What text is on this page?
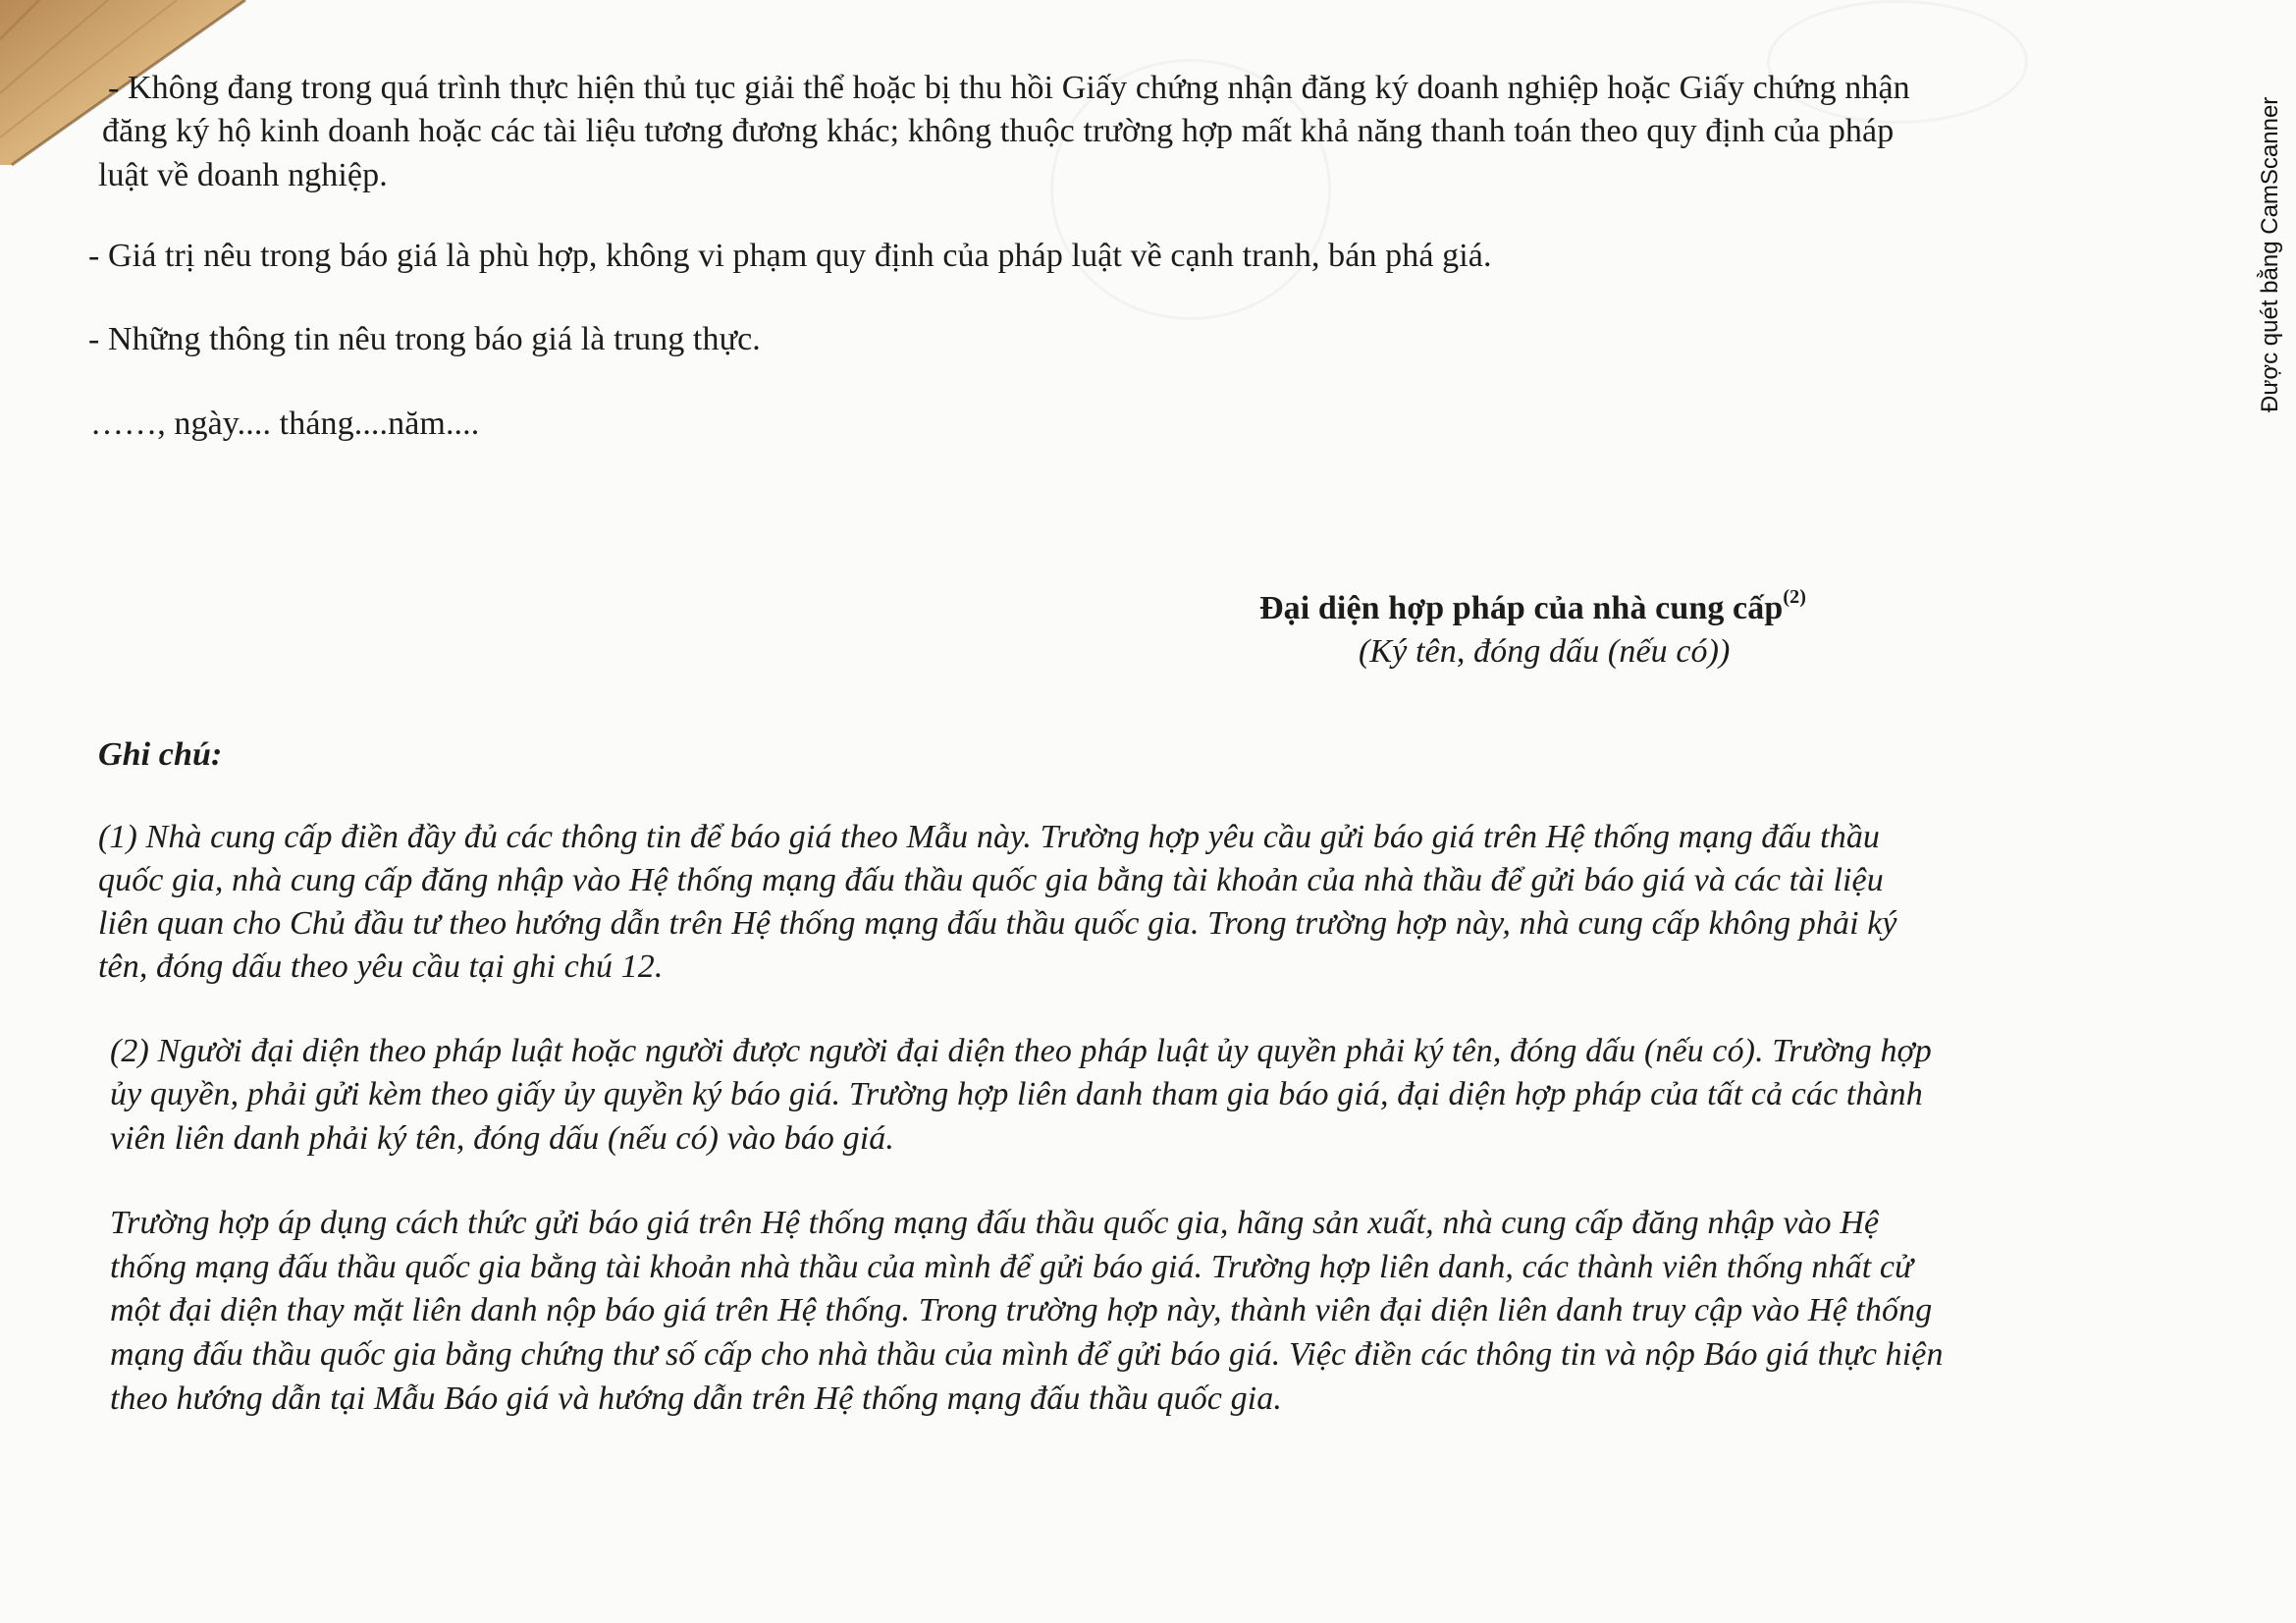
- Không đang trong quá trình thực hiện thủ tục giải thể hoặc bị thu hồi Giấy chứng nhận đăng ký doanh nghiệp hoặc Giấy chứng nhận
đăng ký hộ kinh doanh hoặc các tài liệu tương đương khác; không thuộc trường hợp mất khả năng thanh toán theo quy định của pháp
luật về doanh nghiệp.
- Giá trị nêu trong báo giá là phù hợp, không vi phạm quy định của pháp luật về cạnh tranh, bán phá giá.
- Những thông tin nêu trong báo giá là trung thực.
……, ngày.... tháng....năm....
Đại diện hợp pháp của nhà cung cấp$^{(2)}$
(Ký tên, đóng dấu (nếu có))
Ghi chú:
(1) Nhà cung cấp điền đầy đủ các thông tin để báo giá theo Mẫu này. Trường hợp yêu cầu gửi báo giá trên Hệ thống mạng đấu thầu
quốc gia, nhà cung cấp đăng nhập vào Hệ thống mạng đấu thầu quốc gia bằng tài khoản của nhà thầu để gửi báo giá và các tài liệu
liên quan cho Chủ đầu tư theo hướng dẫn trên Hệ thống mạng đấu thầu quốc gia. Trong trường hợp này, nhà cung cấp không phải ký
tên, đóng dấu theo yêu cầu tại ghi chú 12.
(2) Người đại diện theo pháp luật hoặc người được người đại diện theo pháp luật ủy quyền phải ký tên, đóng dấu (nếu có). Trường hợp
ủy quyền, phải gửi kèm theo giấy ủy quyền ký báo giá. Trường hợp liên danh tham gia báo giá, đại diện hợp pháp của tất cả các thành
viên liên danh phải ký tên, đóng dấu (nếu có) vào báo giá.
Trường hợp áp dụng cách thức gửi báo giá trên Hệ thống mạng đấu thầu quốc gia, hãng sản xuất, nhà cung cấp đăng nhập vào Hệ
thống mạng đấu thầu quốc gia bằng tài khoản nhà thầu của mình để gửi báo giá. Trường hợp liên danh, các thành viên thống nhất cử
một đại diện thay mặt liên danh nộp báo giá trên Hệ thống. Trong trường hợp này, thành viên đại diện liên danh truy cập vào Hệ thống
mạng đấu thầu quốc gia bằng chứng thư số cấp cho nhà thầu của mình để gửi báo giá. Việc điền các thông tin và nộp Báo giá thực hiện
theo hướng dẫn tại Mẫu Báo giá và hướng dẫn trên Hệ thống mạng đấu thầu quốc gia.
Được quét bằng CamScanner
